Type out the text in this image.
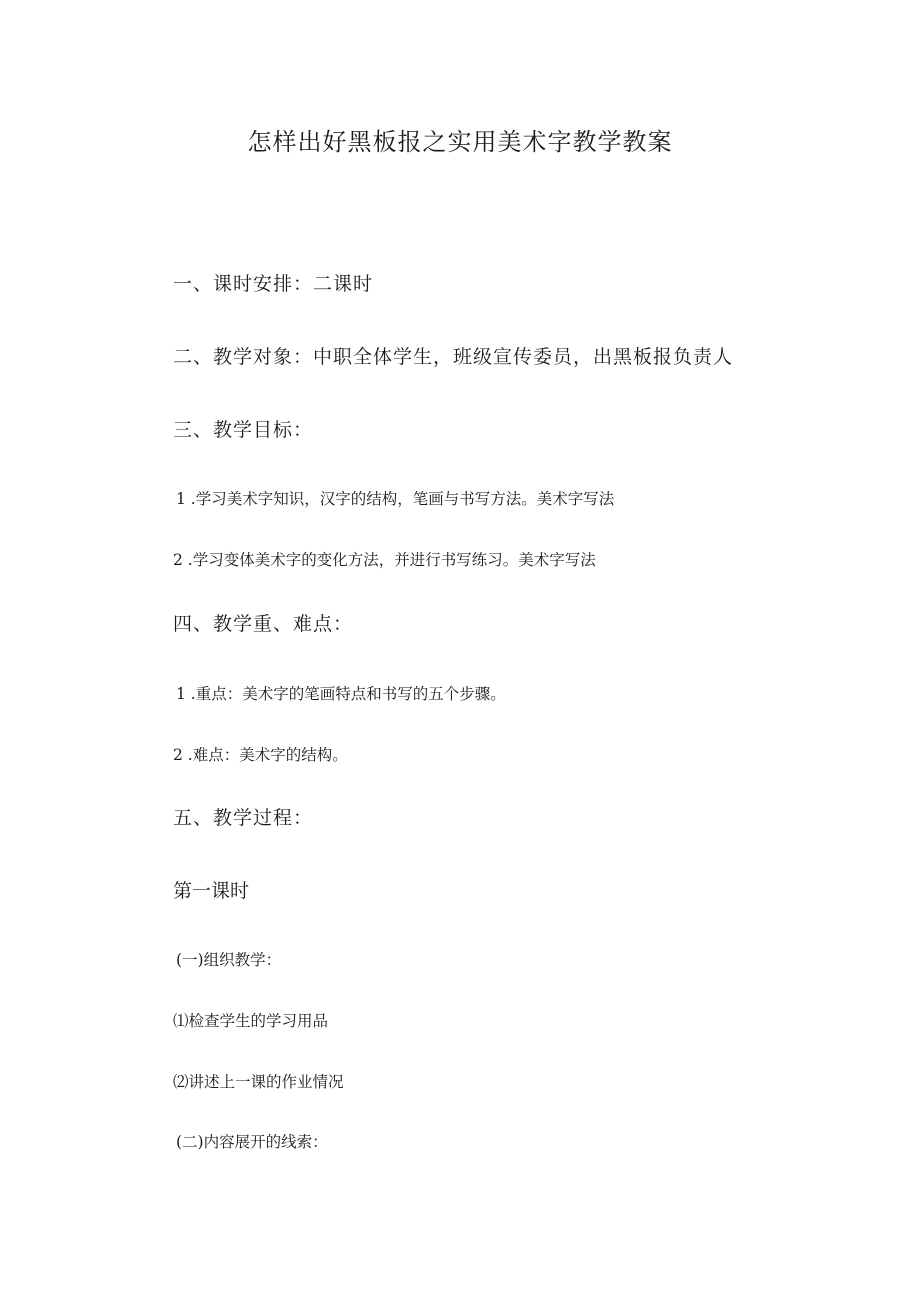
怎样出好黑板报之实用美术字教学教案
一、课时安排：二课时
二、教学对象：中职全体学生，班级宣传委员，出黑板报负责人
三、教学目标：
1 .学习美术字知识，汉字的结构，笔画与书写方法。美术字写法
2 .学习变体美术字的变化方法，并进行书写练习。美术字写法
四、教学重、难点：
1 .重点：美术字的笔画特点和书写的五个步骤。
2 .难点：美术字的结构。
五、教学过程：
第一课时
(一)组织教学：
⑴检查学生的学习用品
⑵讲述上一课的作业情况
(二)内容展开的线索：
